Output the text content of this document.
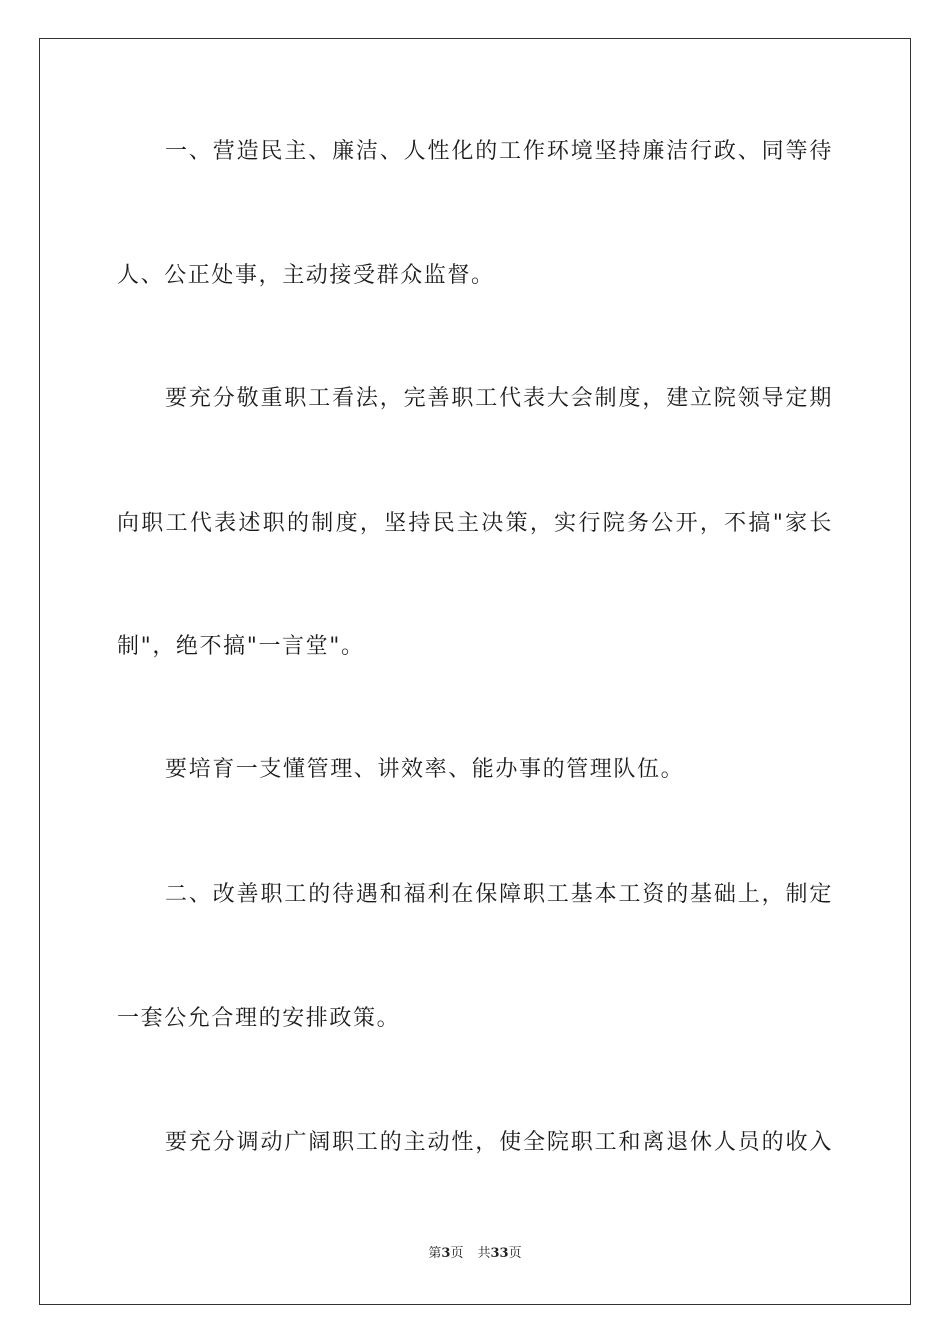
一、营造民主、廉洁、人性化的工作环境坚持廉洁行政、同等待
人、公正处事，主动接受群众监督。
要充分敬重职工看法，完善职工代表大会制度，建立院领导定期
向职工代表述职的制度，坚持民主决策，实行院务公开，不搞"家长
制"，绝不搞"一言堂"。
要培育一支懂管理、讲效率、能办事的管理队伍。
二、改善职工的待遇和福利在保障职工基本工资的基础上，制定
一套公允合理的安排政策。
要充分调动广阔职工的主动性，使全院职工和离退休人员的收入
第3页 共33页
